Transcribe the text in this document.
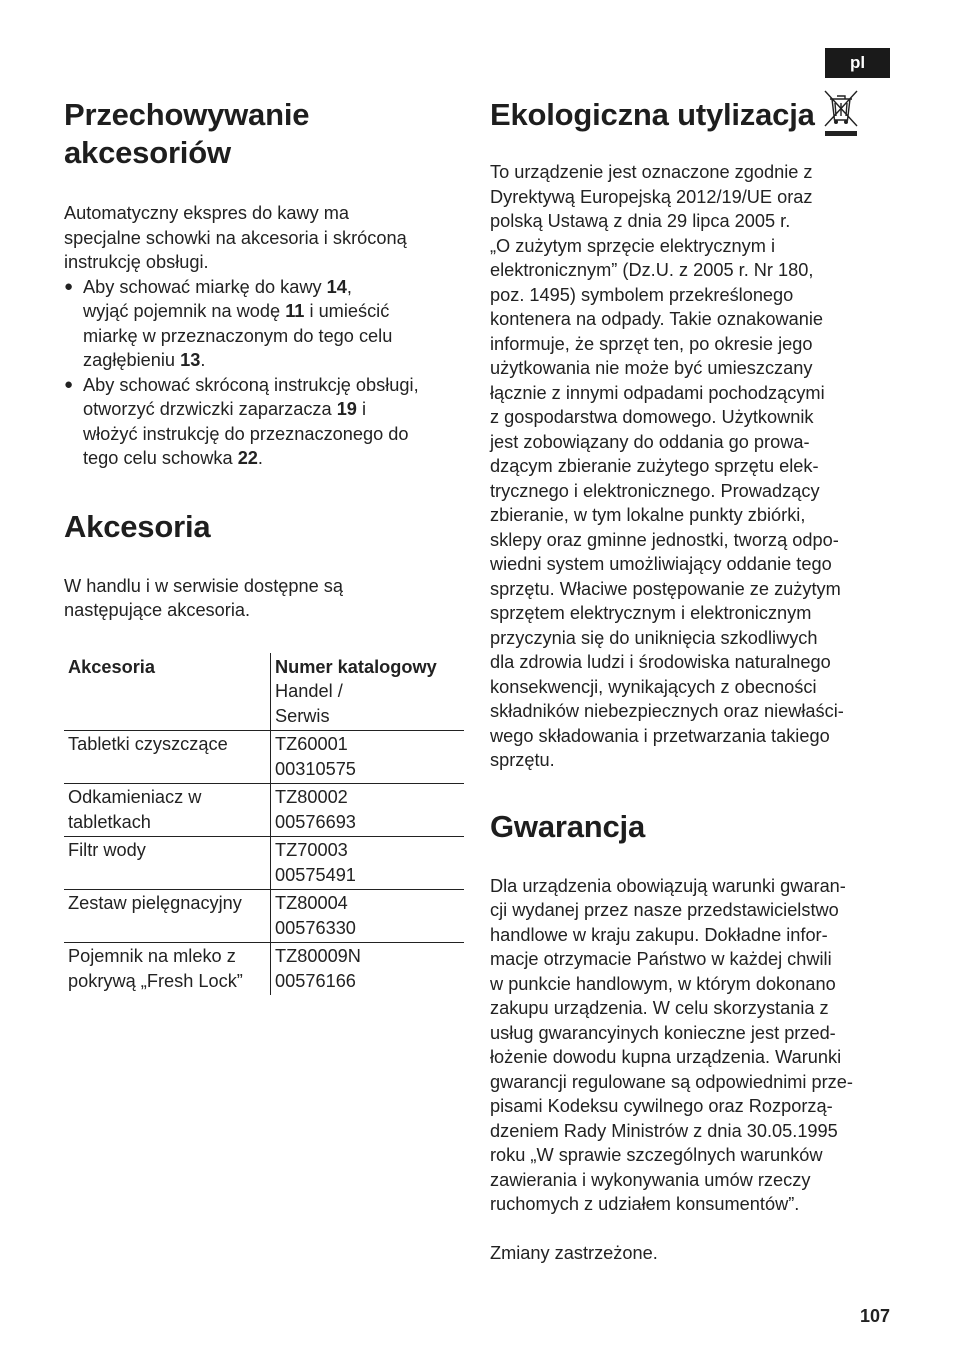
pl
Przechowywanie
akcesoriów

Automatyczny ekspres do kawy ma
specjalne schowki na akcesoria i skróconą
instrukcję obsługi.

● Aby schować miarkę do kawy 14,
wyjąć pojemnik na wodę 11 i umieścić
miarkę w przeznaczonym do tego celu
zagłębieniu 13.
● Aby schować skróconą instrukcję obsługi,
otworzyć drzwiczki zaparzacza 19 i
włożyć instrukcję do przeznaczonego do
tego celu schowka 22.
Akcesoria

W handlu i w serwisie dostępne są
następujące akcesoria.

Akcesoria	Numer katalogowy
	Handel /
Serwis
Tabletki czyszczące	TZ60001
00310575
Odkamieniacz w
tabletkach	TZ80002
00576693
Filtr wody	TZ70003
00575491
Zestaw pielęgnacyjny	TZ80004
00576330
Pojemnik na mleko z
pokrywą „Fresh Lock”	TZ80009N
00576166
Ekologiczna utylizacja

To urządzenie jest oznaczone zgodnie z
Dyrektywą Europejską 2012/19/UE oraz
polską Ustawą z dnia 29 lipca 2005 r.
„O zużytym sprzęcie elektrycznym i
elektronicznym” (Dz.U. z 2005 r. Nr 180,
poz. 1495) symbolem przekreślonego
kontenera na odpady. Takie oznakowanie
informuje, że sprzęt ten, po okresie jego
użytkowania nie może być umieszczany
łącznie z innymi odpadami pochodzącymi
z gospodarstwa domowego. Użytkownik
jest zobowiązany do oddania go prowa-
dzącym zbieranie zużytego sprzętu elek-
trycznego i elektronicznego. Prowadzący
zbieranie, w tym lokalne punkty zbiórki,
sklepy oraz gminne jednostki, tworzą odpo-
wiedni system umożliwiający oddanie tego
sprzętu. Właciwe postępowanie ze zużytym
sprzętem elektrycznym i elektronicznym
przyczynia się do uniknięcia szkodliwych
dla zdrowia ludzi i środowiska naturalnego
konsekwencji, wynikających z obecności
składników niebezpiecznych oraz niewłaści-
wego składowania i przetwarzania takiego
sprzętu.

Gwarancja

Dla urządzenia obowiązują warunki gwaran-
cji wydanej przez nasze przedstawicielstwo
handlowe w kraju zakupu. Dokładne infor-
macje otrzymacie Państwo w każdej chwili
w punkcie handlowym, w którym dokonano
zakupu urządzenia. W celu skorzystania z
usług gwarancyinych konieczne jest przed-
łożenie dowodu kupna urządzenia. Warunki
gwarancji regulowane są odpowiednimi prze-
pisami Kodeksu cywilnego oraz Rozporzą-
dzeniem Rady Ministrów z dnia 30.05.1995
roku „W sprawie szczególnych warunków
zawierania i wykonywania umów rzeczy
ruchomych z udziałem konsumentów”.

Zmiany zastrzeżone.

107
